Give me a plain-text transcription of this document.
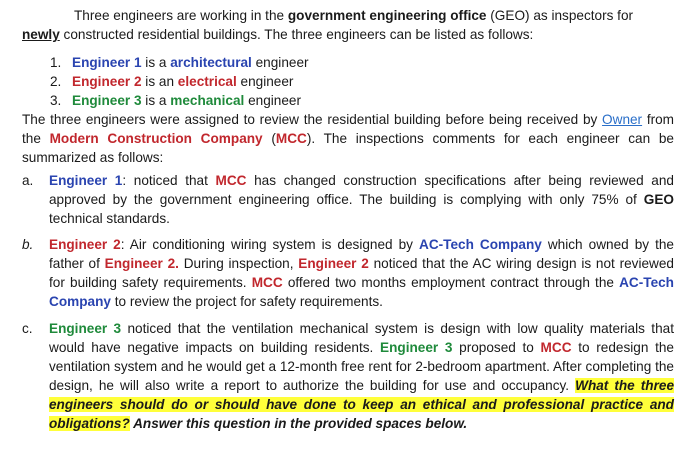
Three engineers are working in the government engineering office (GEO) as inspectors for newly constructed residential buildings. The three engineers can be listed as follows:

1. Engineer 1 is a architectural engineer
2. Engineer 2 is an electrical engineer
3. Engineer 3 is a mechanical engineer

The three engineers were assigned to review the residential building before being received by Owner from the Modern Construction Company (MCC). The inspections comments for each engineer can be summarized as follows:

a.	Engineer 1: noticed that MCC has changed construction specifications after being reviewed and approved by the government engineering office. The building is complying with only 75% of GEO technical standards.
b.	Engineer 2: Air conditioning wiring system is designed by AC-Tech Company which owned by the father of Engineer 2. During inspection, Engineer 2 noticed that the AC wiring design is not reviewed for building safety requirements. MCC offered two months employment contract through the AC-Tech Company to review the project for safety requirements.
c.	Engineer 3 noticed that the ventilation mechanical system is design with low quality materials that would have negative impacts on building residents. Engineer 3 proposed to MCC to redesign the ventilation system and he would get a 12-month free rent for 2-bedroom apartment. After completing the design, he will also write a report to authorize the building for use and occupancy. What the three engineers should do or should have done to keep an ethical and professional practice and obligations? Answer this question in the provided spaces below.
